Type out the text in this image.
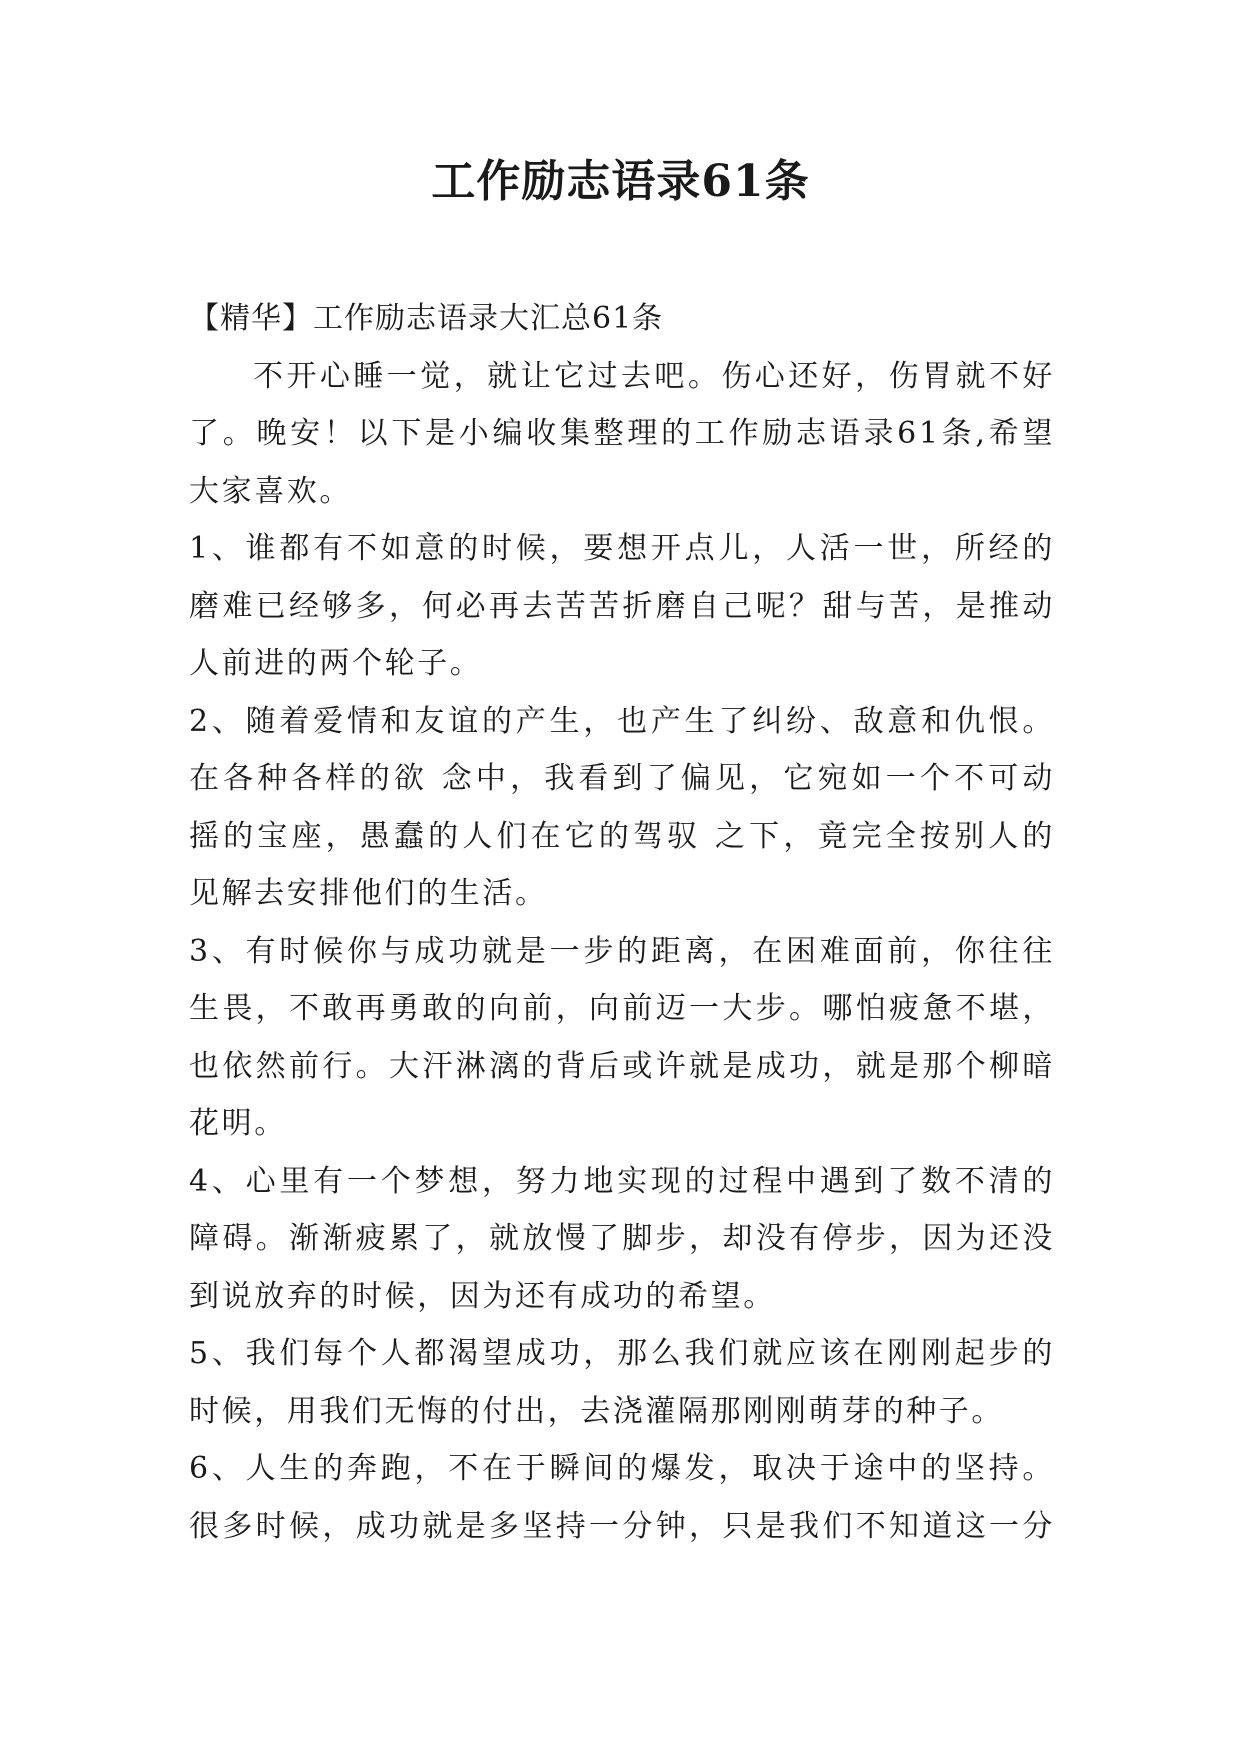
工作励志语录61条
【精华】工作励志语录大汇总61条
不开心睡一觉，就让它过去吧。伤心还好，伤胃就不好
了。晚安！以下是小编收集整理的工作励志语录61条,希望
大家喜欢。
1、谁都有不如意的时候，要想开点儿，人活一世，所经的
磨难已经够多，何必再去苦苦折磨自己呢？甜与苦，是推动
人前进的两个轮子。
2、随着爱情和友谊的产生，也产生了纠纷、敌意和仇恨。
在各种各样的欲 念中，我看到了偏见，它宛如一个不可动
摇的宝座，愚蠢的人们在它的驾驭 之下，竟完全按别人的
见解去安排他们的生活。
3、有时候你与成功就是一步的距离，在困难面前，你往往
生畏，不敢再勇敢的向前，向前迈一大步。哪怕疲惫不堪，
也依然前行。大汗淋漓的背后或许就是成功，就是那个柳暗
花明。
4、心里有一个梦想，努力地实现的过程中遇到了数不清的
障碍。渐渐疲累了，就放慢了脚步，却没有停步，因为还没
到说放弃的时候，因为还有成功的希望。
5、我们每个人都渴望成功，那么我们就应该在刚刚起步的
时候，用我们无悔的付出，去浇灌隔那刚刚萌芽的种子。
6、人生的奔跑，不在于瞬间的爆发，取决于途中的坚持。
很多时候，成功就是多坚持一分钟，只是我们不知道这一分
